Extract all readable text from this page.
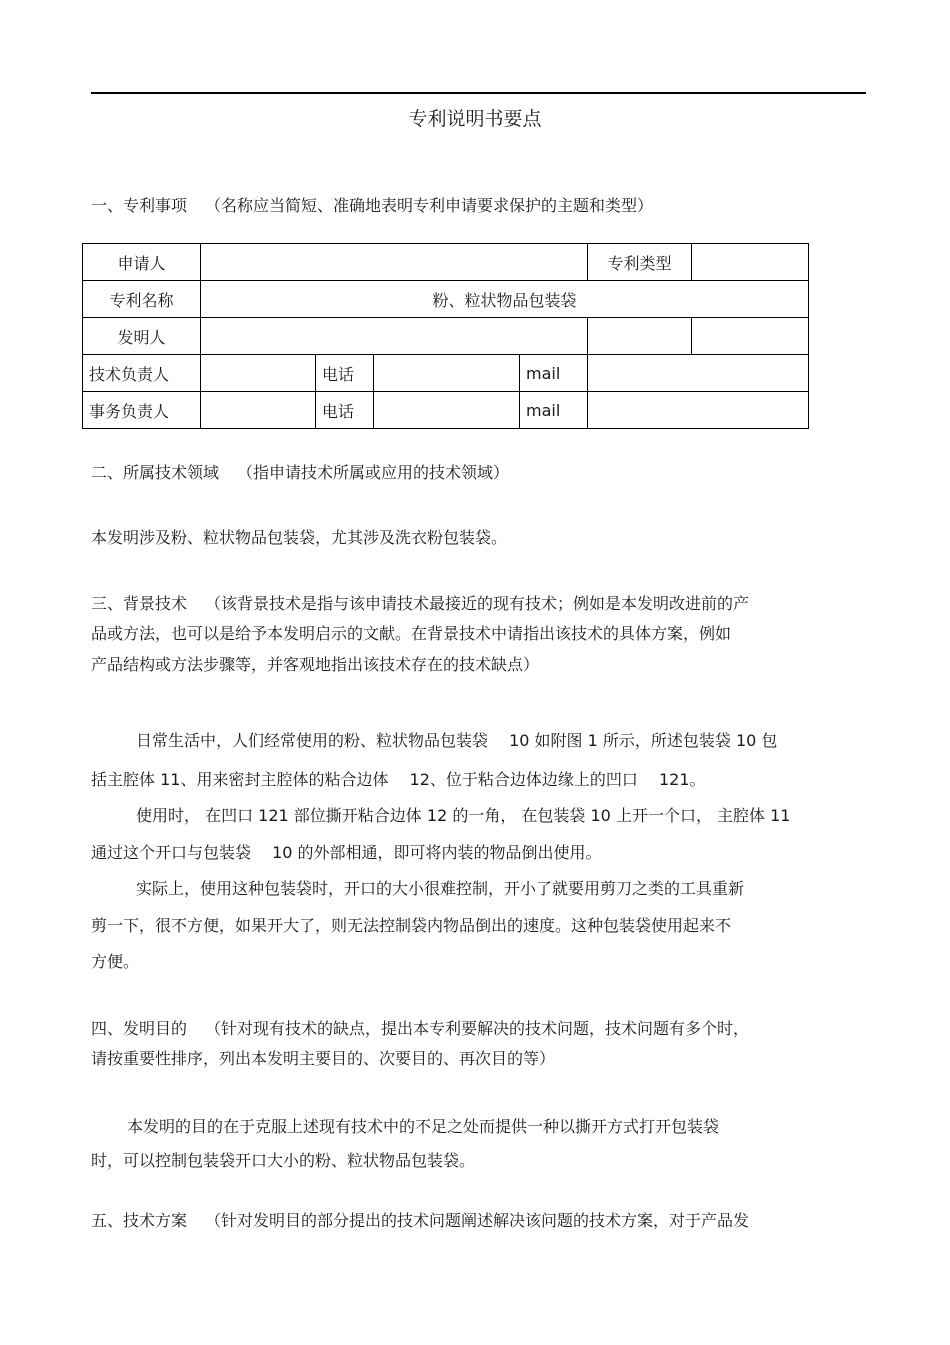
专利说明书要点
一、专利事项 （名称应当简短、准确地表明专利申请要求保护的主题和类型）
申请人					专利类型	
专利名称	粉、粒状物品包装袋					
发明人						
技术负责人		电话		mail		
事务负责人		电话		mail		
二、所属技术领域 （指申请技术所属或应用的技术领域）
本发明涉及粉、粒状物品包装袋，尤其涉及洗衣粉包装袋。
三、背景技术 （该背景技术是指与该申请技术最接近的现有技术；例如是本发明改进前的产
品或方法，也可以是给予本发明启示的文献。在背景技术中请指出该技术的具体方案，例如
产品结构或方法步骤等，并客观地指出该技术存在的技术缺点）
日常生活中，人们经常使用的粉、粒状物品包装袋　 10 如附图 1 所示，所述包装袋 10 包
括主腔体 11、用来密封主腔体的粘合边体　 12、位于粘合边体边缘上的凹口　 121。
使用时， 在凹口 121 部位撕开粘合边体 12 的一角， 在包装袋 10 上开一个口， 主腔体 11
通过这个开口与包装袋　 10 的外部相通，即可将内装的物品倒出使用。
实际上，使用这种包装袋时，开口的大小很难控制，开小了就要用剪刀之类的工具重新
剪一下，很不方便，如果开大了，则无法控制袋内物品倒出的速度。这种包装袋使用起来不
方便。
四、发明目的 （针对现有技术的缺点，提出本专利要解决的技术问题，技术问题有多个时，
请按重要性排序，列出本发明主要目的、次要目的、再次目的等）
本发明的目的在于克服上述现有技术中的不足之处而提供一种以撕开方式打开包装袋
时，可以控制包装袋开口大小的粉、粒状物品包装袋。
五、技术方案 （针对发明目的部分提出的技术问题阐述解决该问题的技术方案，对于产品发
